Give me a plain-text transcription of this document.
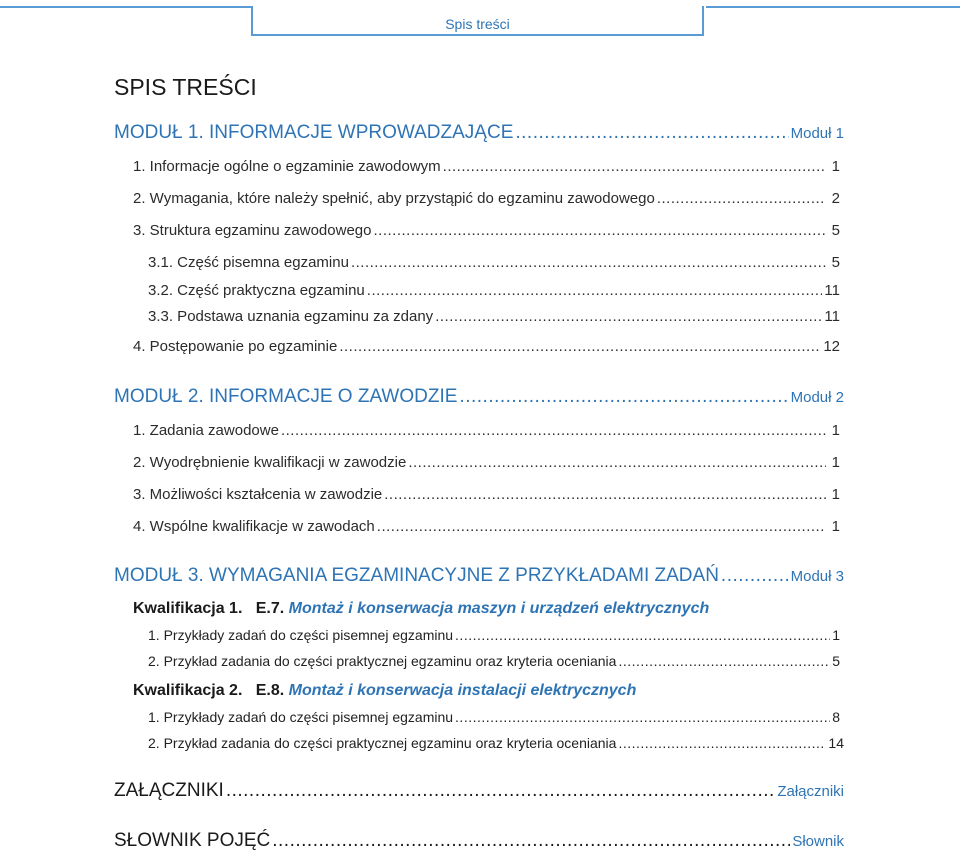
Spis treści
SPIS TREŚCI
MODUŁ 1. INFORMACJE WPROWADZAJĄCE .....	Moduł 1
1. Informacje ogólne o egzaminie zawodowym .....	1
2. Wymagania, które należy spełnić, aby przystąpić do egzaminu zawodowego .....	2
3. Struktura egzaminu zawodowego .....	5
3.1. Część pisemna egzaminu .....	5
3.2. Część praktyczna egzaminu .....	11
3.3. Podstawa uznania egzaminu za zdany .....	11
4. Postępowanie po egzaminie .....	12
MODUŁ 2. INFORMACJE O ZAWODZIE .....	Moduł 2
1. Zadania zawodowe .....	1
2. Wyodrębnienie kwalifikacji w zawodzie .....	1
3. Możliwości kształcenia w zawodzie .....	1
4. Wspólne kwalifikacje w zawodach .....	1
MODUŁ 3. WYMAGANIA EGZAMINACYJNE Z PRZYKŁADAMI ZADAŃ .....	Moduł 3
Kwalifikacja 1.   E.7. Montaż i konserwacja maszyn i urządzeń elektrycznych
1. Przykłady zadań do części pisemnej egzaminu .....	1
2. Przykład zadania do części praktycznej egzaminu oraz kryteria oceniania .....	5
Kwalifikacja 2.   E.8. Montaż i konserwacja instalacji elektrycznych
1. Przykłady zadań do części pisemnej egzaminu .....	8
2. Przykład zadania do części praktycznej egzaminu oraz kryteria oceniania .....	14
ZAŁĄCZNIKI .....	Załączniki
SŁOWNIK POJĘĆ .....	Słownik
